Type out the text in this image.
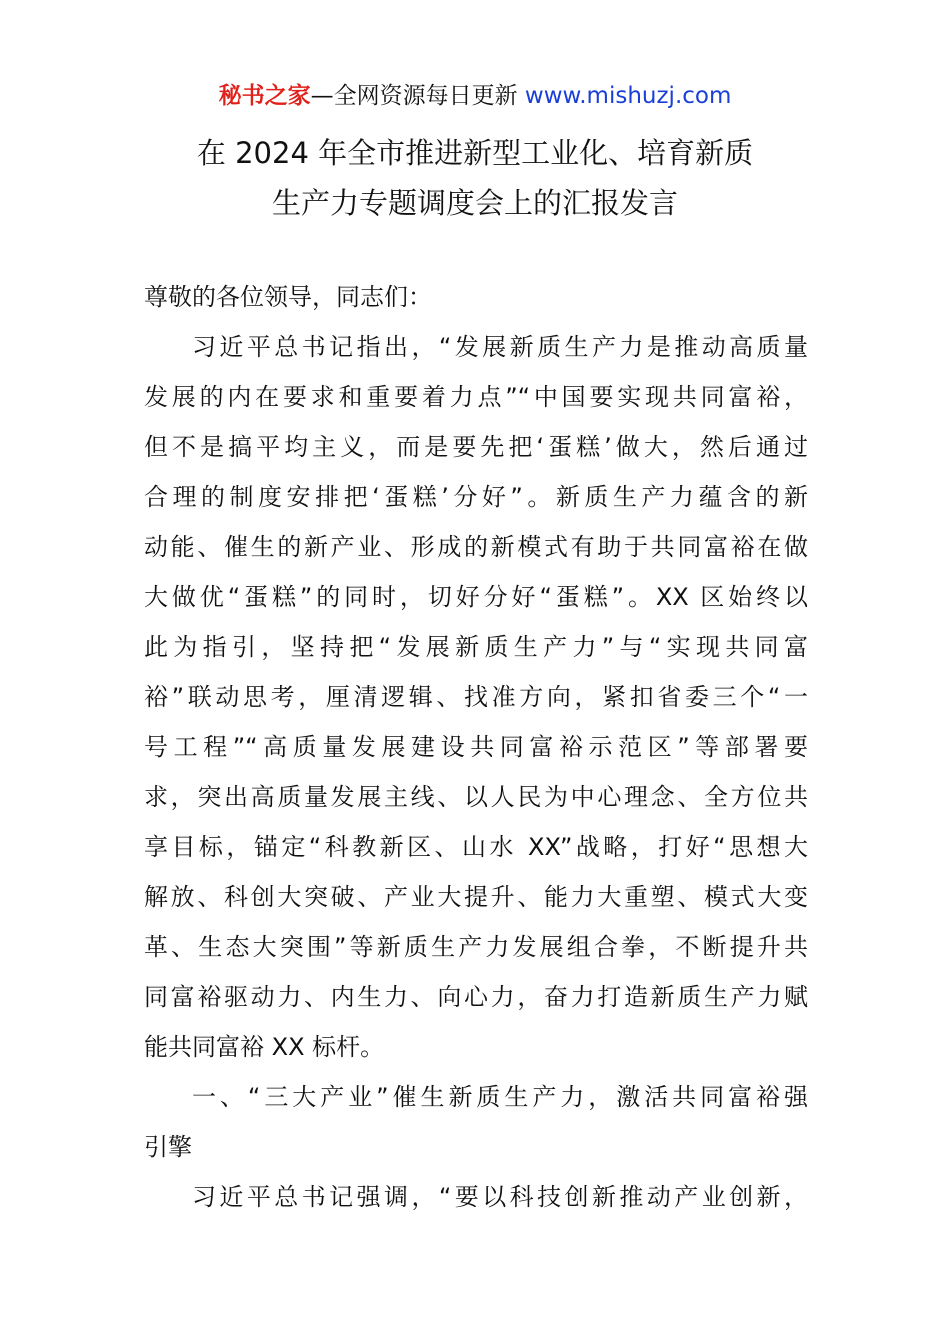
秘书之家—全网资源每日更新 www.mishuzj.com
在 2024 年全市推进新型工业化、培育新质
生产力专题调度会上的汇报发言
尊敬的各位领导，同志们：
习近平总书记指出，“发展新质生产力是推动高质量
发展的内在要求和重要着力点”“中国要实现共同富裕，
但不是搞平均主义，而是要先把‘蛋糕’做大，然后通过
合理的制度安排把‘蛋糕’分好”。新质生产力蕴含的新
动能、催生的新产业、形成的新模式有助于共同富裕在做
大做优“蛋糕”的同时，切好分好“蛋糕”。XX 区始终以
此为指引，坚持把“发展新质生产力”与“实现共同富
裕”联动思考，厘清逻辑、找准方向，紧扣省委三个“一
号工程”“高质量发展建设共同富裕示范区”等部署要
求，突出高质量发展主线、以人民为中心理念、全方位共
享目标，锚定“科教新区、山水 XX”战略，打好“思想大
解放、科创大突破、产业大提升、能力大重塑、模式大变
革、生态大突围”等新质生产力发展组合拳，不断提升共
同富裕驱动力、内生力、向心力，奋力打造新质生产力赋
能共同富裕 XX 标杆。
一、“三大产业”催生新质生产力，激活共同富裕强
引擎
习近平总书记强调，“要以科技创新推动产业创新，
